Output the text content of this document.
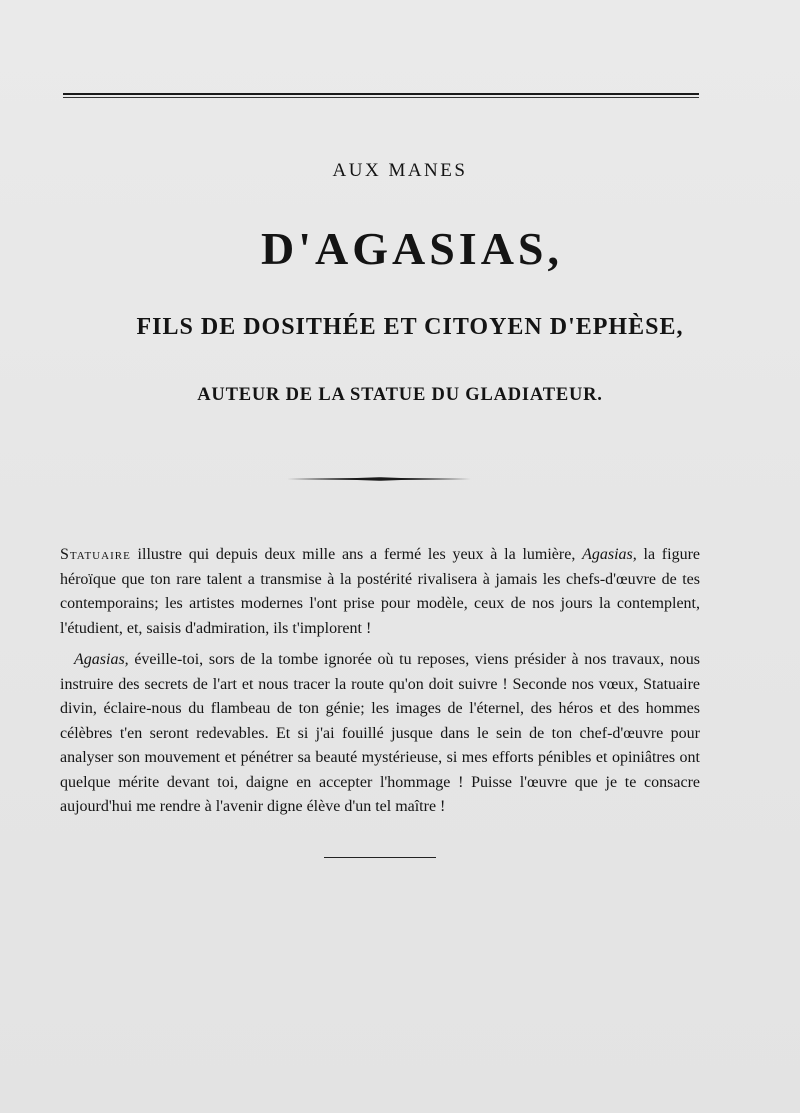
AUX MANES
D'AGASIAS,
FILS DE DOSITHÉE ET CITOYEN D'EPHÈSE,
AUTEUR DE LA STATUE DU GLADIATEUR.
Statuaire illustre qui depuis deux mille ans a fermé les yeux à la lumière, Agasias, la figure héroïque que ton rare talent a transmise à la postérité rivalisera à jamais les chefs-d'œuvre de tes contemporains; les artistes modernes l'ont prise pour modèle, ceux de nos jours la contemplent, l'étudient, et, saisis d'admiration, ils t'implorent !
Agasias, éveille-toi, sors de la tombe ignorée où tu reposes, viens présider à nos travaux, nous instruire des secrets de l'art et nous tracer la route qu'on doit suivre ! Seconde nos vœux, Statuaire divin, éclaire-nous du flambeau de ton génie; les images de l'éternel, des héros et des hommes célèbres t'en seront redevables. Et si j'ai fouillé jusque dans le sein de ton chef-d'œuvre pour analyser son mouvement et pénétrer sa beauté mystérieuse, si mes efforts pénibles et opiniâtres ont quelque mérite devant toi, daigne en accepter l'hommage ! Puisse l'œuvre que je te consacre aujourd'hui me rendre à l'avenir digne élève d'un tel maître !
